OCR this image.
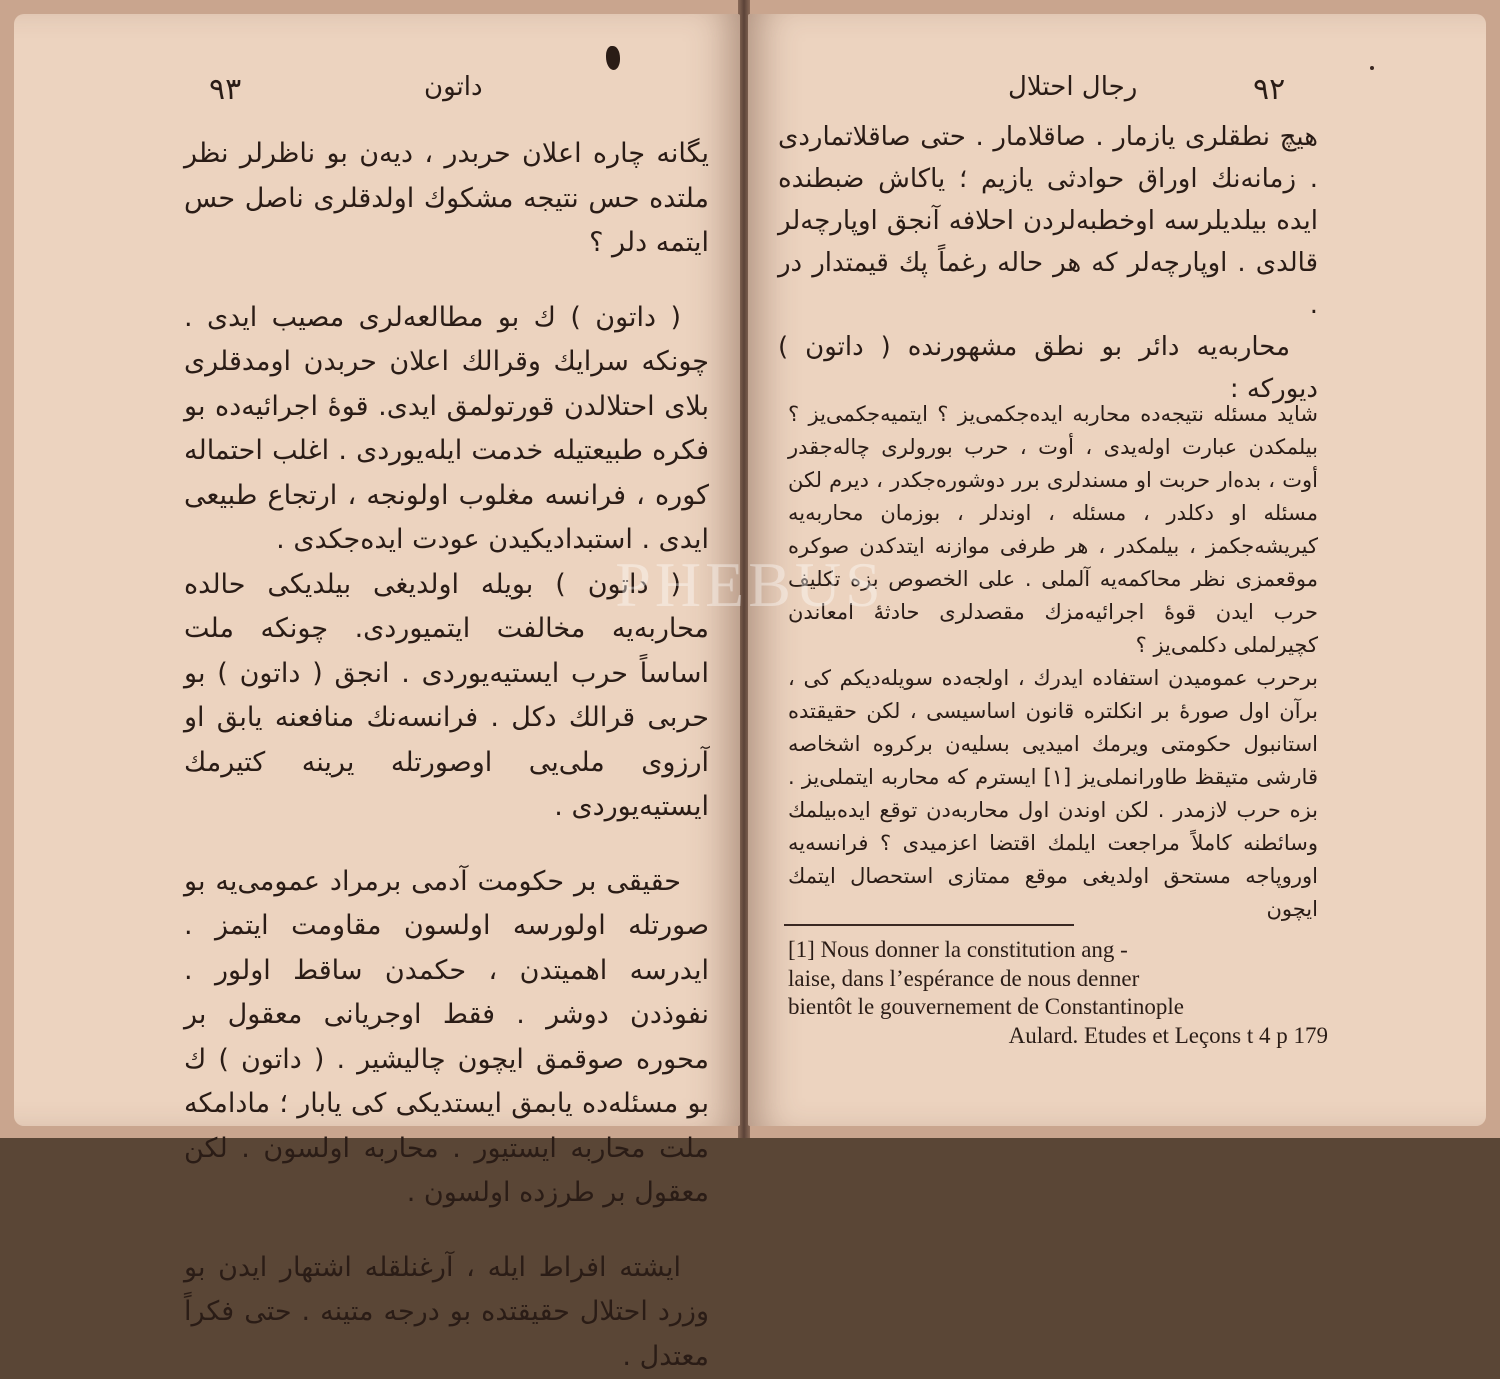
۹۳	داتون

يگانه چاره اعلان حربدر ، ديه‌ن بو ناظرلر نظر ملتده حس نتيجه مشكوك اولدقلری نا‌صل حس ايتمه‌ دلر ؟

( داتون ) ك بو مطالعه‌لری مصيب ايدی . چونكه سرايك وقرالك اعلان حربدن اومدقلری بلای احتلالدن قورتولمق ايدی. قوهٔ اجرائيه‌ده بو فكره طبيعتيله خدمت ايله‌يوردی . اغلب احتماله كوره ، فرانسه مغلوب اولونجه ، ارتجاع طبيعی ايدی . استبداديكيدن عودت ايده‌جكدی .

( داتون ) بويله اولدیغی بيلديكی حالده محاربه‌يه مخالفت ايتميوردی. چونكه ملت اساساً حرب ايستيه‌يوردی . انجق ( داتون ) بو حربی قرالك دكل . فرانسه‌نك منافعنه يابق او آرزوی ملی‌یی اوصورتله يرينه كتيرمك ايستيه‌يوردی .

حقيقی بر حكومت آدمی برمراد عمومی‌يه بو صورتله اولورسه اولسون مقاومت ايتمز . ايدرسه اهميتدن ، حكمدن ساقط اولور . نفوذدن دوشر . فقط اوجريانی معقول بر محوره صوقمق ايچون چاليشير . ( داتون ) ك بو مسئله‌ده يابمق ايستديكی كی يابار ؛ مادامكه ملت محاربه ايستيور . محاربه اولسون . لكن معقول بر طرزده اولسون .

ايشته افراط ايله ، آرغنلقله اشتهار ايدن بو وزرد احتلال حقيقتده بو درجه متينه . حتی فكراً معتدل .

رجال احتلال	۹۲

هيچ نطقلری يازمار . صاقلامار . حتی صاقلاتماردی . زمانه‌نك اوراق حوادثی يازيم ؛ ياكاش ضبطنده ايده بيلديلرسه اوخطبه‌لردن احلافه آنجق اوپارچه‌لر قالدی . اوپارچه‌لر كه هر حاله رغماً پك قيمتدار در .

محاربه‌يه دائر بو نطق مشهورنده ( داتون ) ديوركه :

شايد مسئله نتيجه‌ده محاربه ايده‌جكمی‌يز ؟ ايتميه‌جكمی‌يز ؟ بيلمكدن عبارت اوله‌يدی ، أوت ، حرب بورولری چاله‌جقدر أوت ، بده‌ار حربت او مسندلری برر دوشوره‌جكدر ، ديرم لكن مسئله او دكلدر ، مسئله ، اوندلر ، بوزمان محاربه‌يه كيريشه‌جكمز ، بيلمكدر ، هر طرفی موازنه ايتدكدن صوكره موقعمزی نظر محاكمه‌يه آلملی . علی الخصوص بزه تكليف حرب ايدن قوهٔ اجرائيه‌مزك مقصدلری حادثهٔ امعاندن كچيرلملی دكلمی‌يز ؟

برحرب عموميدن استفاده ايدرك ، اولجه‌ده سويله‌ديكم كی ، برآن اول صورهٔ بر انكلتره قانون اساسيسی ، لكن حقيقتده استانبول حكومتی ويرمك اميديی بسليه‌ن بركروه اشخاصه قارشی متيقظ طاورانملی‌يز [١] ايسترم كه محاربه ايتملی‌يز . بزه حرب لازمدر . لكن اوندن اول محاربه‌دن توقع ايده‌بيلمك وسائطنه كاملاً مراجعت ايلمك اقتضا اعزميدی ؟ فرانسه‌يه اوروپاجه مستحق اولدیغی موقع ممتازی استحصال ايتمك ايچون

[1] Nous donner la constitution ang -

laise, dans l’espérance de nous denner

bientôt le gouvernement de Constantinople

Aulard. Etudes et Leçons t 4 p 179

PHEBUS
